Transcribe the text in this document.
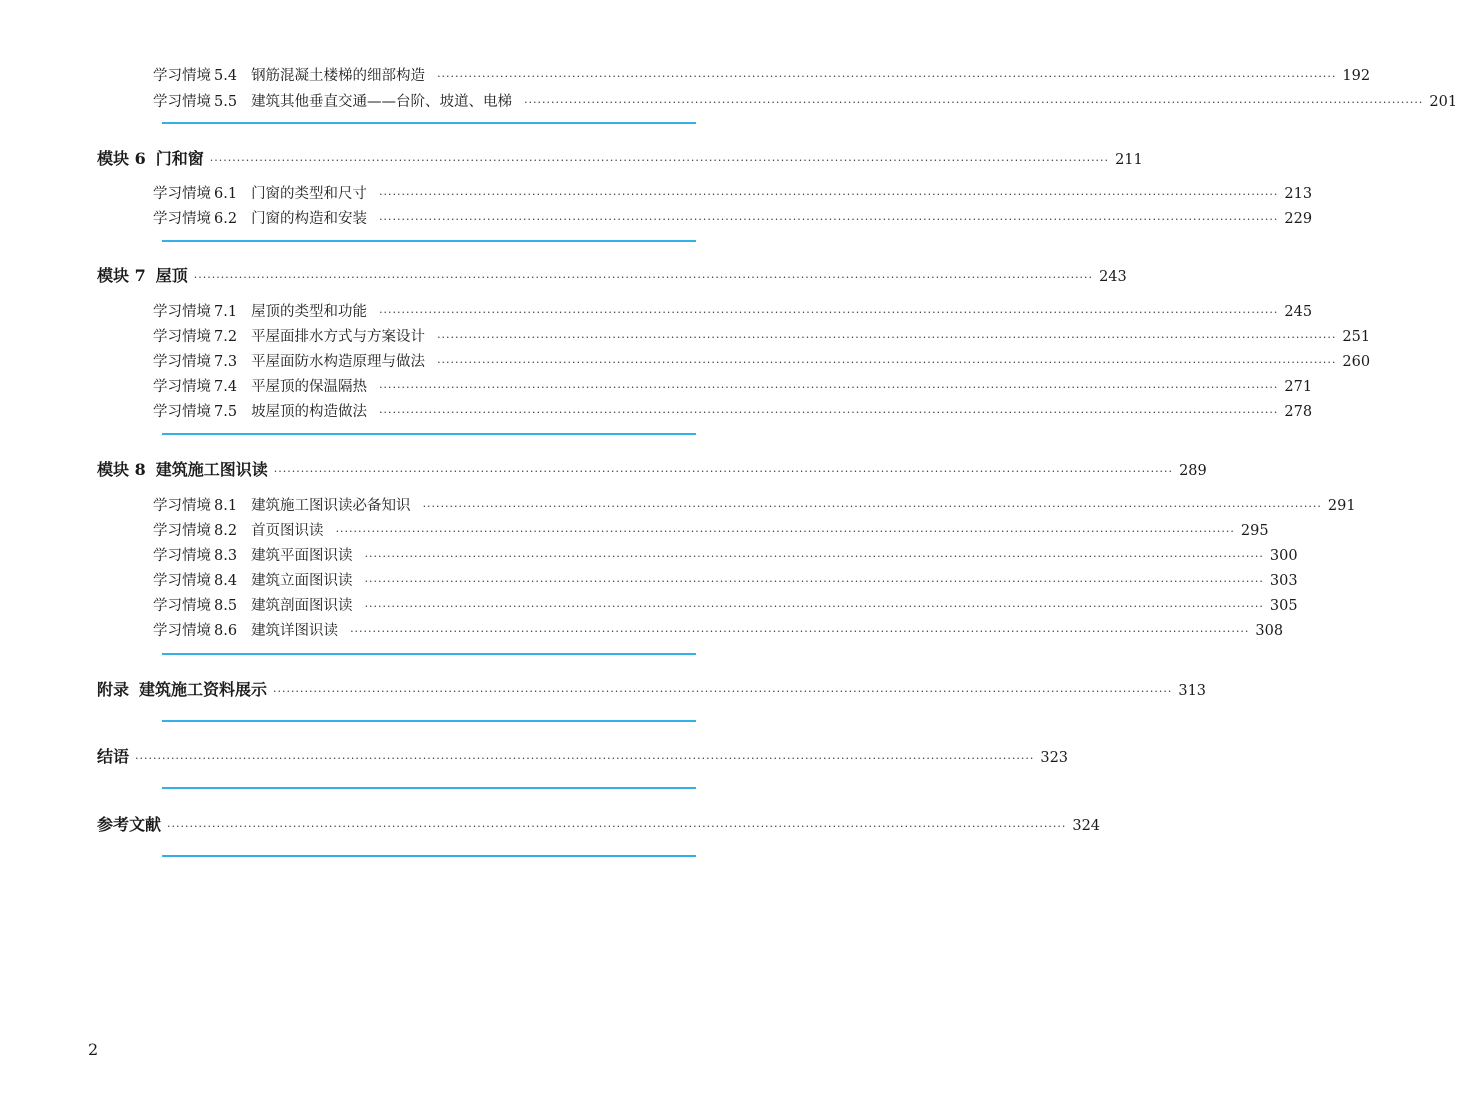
学习情境 5.4 钢筋混凝土楼梯的细部构造 ········································································································································································································ 192
学习情境 5.5 建筑其他垂直交通——台阶、坡道、电梯 ········································································································································································································ 201
模块 6 门和窗 ········································································································································································································ 211
学习情境 6.1 门窗的类型和尺寸 ········································································································································································································ 213
学习情境 6.2 门窗的构造和安装 ········································································································································································································ 229
模块 7 屋顶 ········································································································································································································ 243
学习情境 7.1 屋顶的类型和功能 ········································································································································································································ 245
学习情境 7.2 平屋面排水方式与方案设计 ········································································································································································································ 251
学习情境 7.3 平屋面防水构造原理与做法 ········································································································································································································ 260
学习情境 7.4 平屋顶的保温隔热 ········································································································································································································ 271
学习情境 7.5 坡屋顶的构造做法 ········································································································································································································ 278
模块 8 建筑施工图识读 ········································································································································································································ 289
学习情境 8.1 建筑施工图识读必备知识 ········································································································································································································ 291
学习情境 8.2 首页图识读 ········································································································································································································ 295
学习情境 8.3 建筑平面图识读 ········································································································································································································ 300
学习情境 8.4 建筑立面图识读 ········································································································································································································ 303
学习情境 8.5 建筑剖面图识读 ········································································································································································································ 305
学习情境 8.6 建筑详图识读 ········································································································································································································ 308
附录 建筑施工资料展示 ········································································································································································································ 313
结语 ········································································································································································································ 323
参考文献 ········································································································································································································ 324
2
